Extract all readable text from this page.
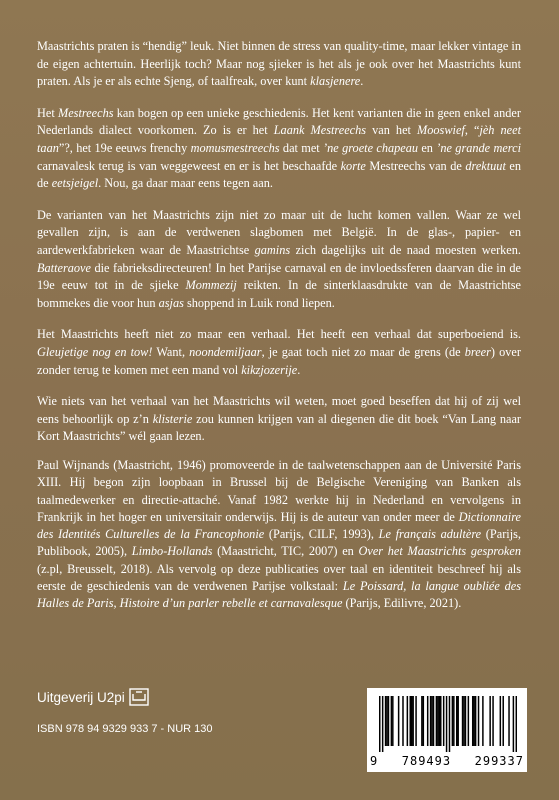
Maastrichts praten is “hendig” leuk. Niet binnen de stress van quality-time, maar lekker vintage in de eigen achtertuin. Heerlijk toch? Maar nog sjieker is het als je ook over het Maastrichts kunt praten. Als je er als echte Sjeng, of taalfreak, over kunt klasjenere.

Het Mestreechs kan bogen op een unieke geschiedenis. Het kent varianten die in geen enkel ander Nederlands dialect voorkomen. Zo is er het Laank Mestreechs van het Mooswief, “jèh neet taan”?, het 19e eeuws frenchy momusmestreechs dat met ’ne groete chapeau en ’ne grande merci carnavalesk terug is van weggeweest en er is het beschaafde korte Mestreechs van de drektuut en de eetsjeigel. Nou, ga daar maar eens tegen aan.

De varianten van het Maastrichts zijn niet zo maar uit de lucht komen vallen. Waar ze wel gevallen zijn, is aan de verdwenen slagbomen met België. In de glas-, papier- en aardewerkfabrieken waar de Maastrichtse gamins zich dagelijks uit de naad moesten werken. Batteraove die fabrieksdirecteuren! In het Parijse carnaval en de invloedssferen daarvan die in de 19e eeuw tot in de sjieke Mommezij reikten. In de sinterklaasdrukte van de Maastrichtse bommekes die voor hun asjas shoppend in Luik rond liepen.

Het Maastrichts heeft niet zo maar een verhaal. Het heeft een verhaal dat superboeiend is. Gleujetige nog en tow! Want, noondemiljaar, je gaat toch niet zo maar de grens (de breer) over zonder terug te komen met een mand vol kikzjozerije.

Wie niets van het verhaal van het Maastrichts wil weten, moet goed beseffen dat hij of zij wel eens behoorlijk op z’n klisterie zou kunnen krijgen van al diegenen die dit boek “Van Lang naar Kort Maastrichts” wél gaan lezen.

Paul Wijnands (Maastricht, 1946) promoveerde in de taalwetenschappen aan de Université Paris XIII. Hij begon zijn loopbaan in Brussel bij de Belgische Vereniging van Banken als taalmedewerker en directie-attaché. Vanaf 1982 werkte hij in Nederland en vervolgens in Frankrijk in het hoger en universitair onderwijs. Hij is de auteur van onder meer de Dictionnaire des Identités Culturelles de la Francophonie (Parijs, CILF, 1993), Le français adultère (Parijs, Publibook, 2005), Limbo-Hollands (Maastricht, TIC, 2007) en Over het Maastrichts gesproken (z.pl, Breusselt, 2018). Als vervolg op deze publicaties over taal en identiteit beschreef hij als eerste de geschiedenis van de verdwenen Parijse volkstaal: Le Poissard, la langue oubliée des Halles de Paris, Histoire d’un parler rebelle et carnavalesque (Parijs, Edilivre, 2021).

Uitgeverij U2pi
ISBN 978 94 9329 933 7 - NUR 130
9 789493 299337
